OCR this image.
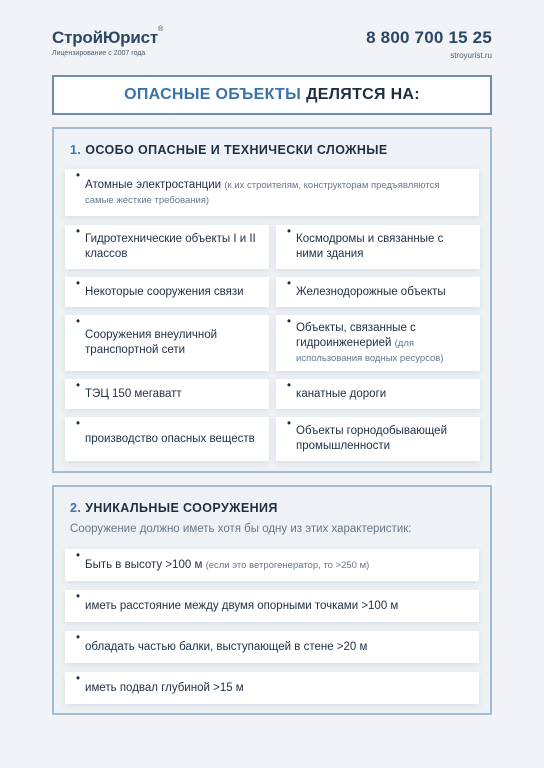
СтройЮрист®
Лицензирование с 2007 года
8 800 700 15 25
stroyurist.ru
ОПАСНЫЕ ОБЪЕКТЫ ДЕЛЯТСЯ НА:
1. ОСОБО ОПАСНЫЕ И ТЕХНИЧЕСКИ СЛОЖНЫЕ
•
Атомные электростанции (к их строителям, конструкторам предъявляются самые жесткие требования)
•
Гидротехнические объекты I и II классов
•
Космодромы и связанные с ними здания
•
Некоторые сооружения связи
•
Железнодорожные объекты
•
Сооружения внеуличной транспортной сети
• Объекты, связанные с гидроинженерией (для использования водных ресурсов)
•
ТЭЦ 150 мегаватт
•
канатные дороги
•
производство опасных веществ
•
Объекты горнодобывающей промышленности
2. УНИКАЛЬНЫЕ СООРУЖЕНИЯ
Сооружение должно иметь хотя бы одну из этих характеристик:
•
Быть в высоту >100 м (если это ветрогенератор, то >250 м)
•
иметь расстояние между двумя опорными точками >100 м
•
обладать частью балки, выступающей в стене >20 м
•
иметь подвал глубиной >15 м
